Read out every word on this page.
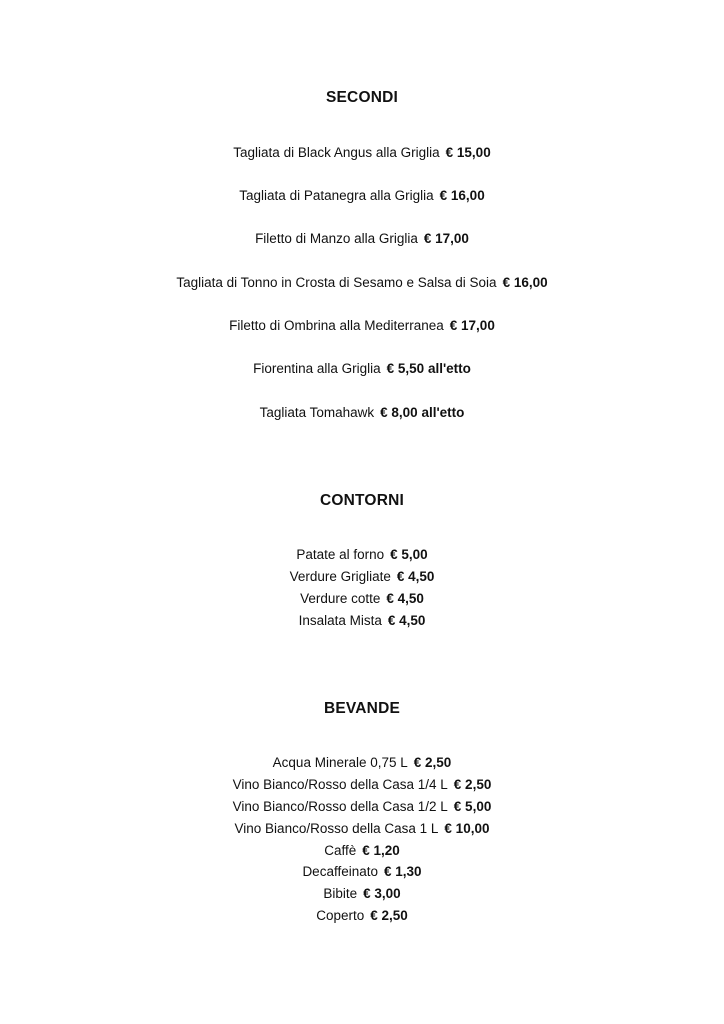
SECONDI
Tagliata di Black Angus alla Griglia € 15,00
Tagliata di Patanegra alla Griglia € 16,00
Filetto di Manzo alla Griglia € 17,00
Tagliata di Tonno in Crosta di Sesamo e Salsa di Soia € 16,00
Filetto di Ombrina alla Mediterranea € 17,00
Fiorentina alla Griglia € 5,50 all'etto
Tagliata Tomahawk € 8,00 all'etto
CONTORNI
Patate al forno € 5,00
Verdure Grigliate € 4,50
Verdure cotte € 4,50
Insalata Mista € 4,50
BEVANDE
Acqua Minerale 0,75 L € 2,50
Vino Bianco/Rosso della Casa 1/4 L € 2,50
Vino Bianco/Rosso della Casa 1/2 L € 5,00
Vino Bianco/Rosso della Casa 1 L € 10,00
Caffè € 1,20
Decaffeinato € 1,30
Bibite € 3,00
Coperto € 2,50
